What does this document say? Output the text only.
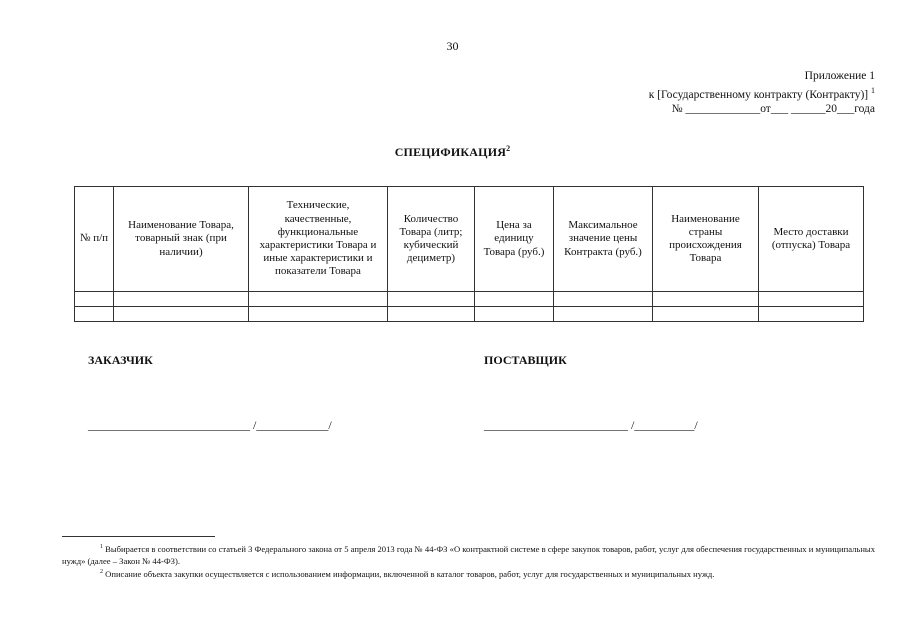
30
Приложение 1
к [Государственному контракту (Контракту)] $^1$
№ _____________от___ ______20___года
СПЕЦИФИКАЦИЯ$^2$
№ п/п	Наименование Товара, товарный знак (при наличии)	Технические, качественные, функциональные характеристики Товара и иные характеристики и показатели Товара	Количество Товара (литр; кубический дециметр)	Цена за единицу Товара (руб.)	Максимальное значение цены Контракта (руб.)	Наименование страны происхождения Товара	Место доставки (отпуска) Товара

ЗАКАЗЧИК	ПОСТАВЩИК
___________________________ /____________/	________________________ /__________/

$^1$ Выбирается в соответствии со статьей 3 Федерального закона от 5 апреля 2013 года № 44-ФЗ «О контрактной системе в сфере закупок товаров, работ, услуг для обеспечения государственных и муниципальных нужд» (далее – Закон № 44-ФЗ).

$^2$ Описание объекта закупки осуществляется с использованием информации, включенной в каталог товаров, работ, услуг для государственных и муниципальных нужд.
